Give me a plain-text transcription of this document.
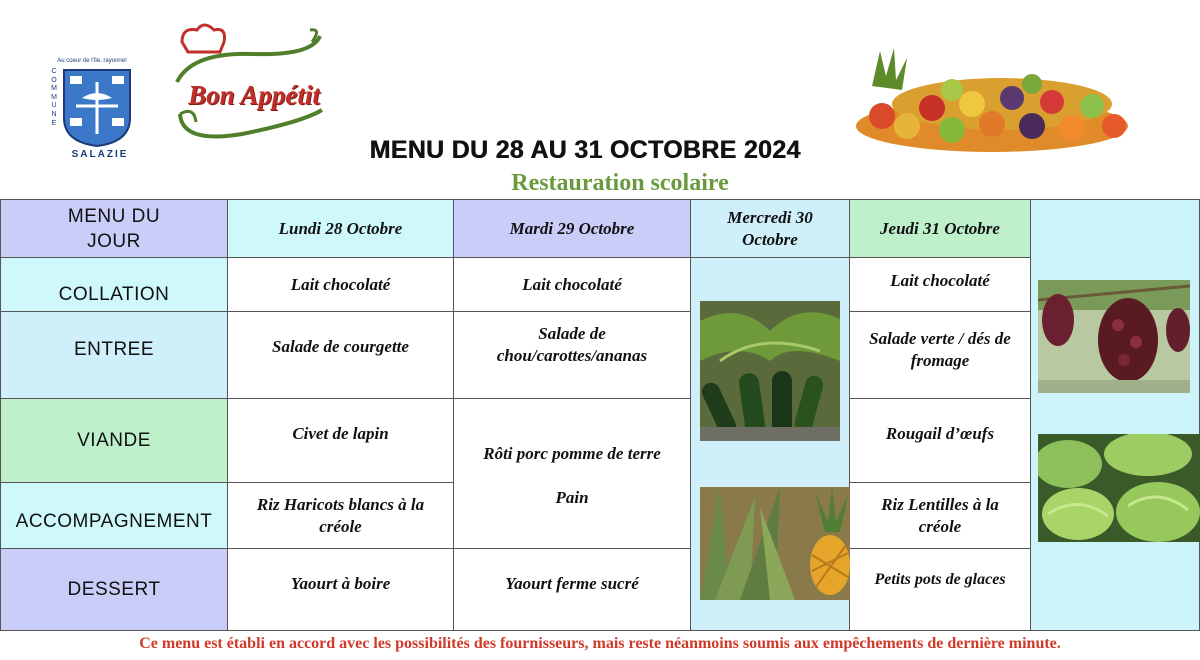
Au coeur de l'île, rayonne!
C
O
M
M
U
N
E
SALAZIE
Bon Appétit
MENU DU 28 AU 31 OCTOBRE 2024
Restauration scolaire
MENU DU JOUR
Lundi 28 Octobre	Mardi 29 Octobre
Mercredi 30 Octobre
Jeudi 31 Octobre
COLLATION
ENTREE
VIANDE
ACCOMPAGNEMENT
DESSERT
Lait chocolaté
Salade de courgette
Civet de lapin
Riz Haricots blancs à la créole
Yaourt à boire
Lait chocolaté
Salade de chou/carottes/ananas
Rôti porc pomme de terre
Pain
Yaourt ferme sucré
Lait chocolaté
Salade verte / dés de fromage
Rougail d’œufs
Riz Lentilles à la créole
Petits pots de glaces
Ce menu est établi en accord avec les possibilités des fournisseurs, mais reste néanmoins soumis aux empêchements de dernière minute.
